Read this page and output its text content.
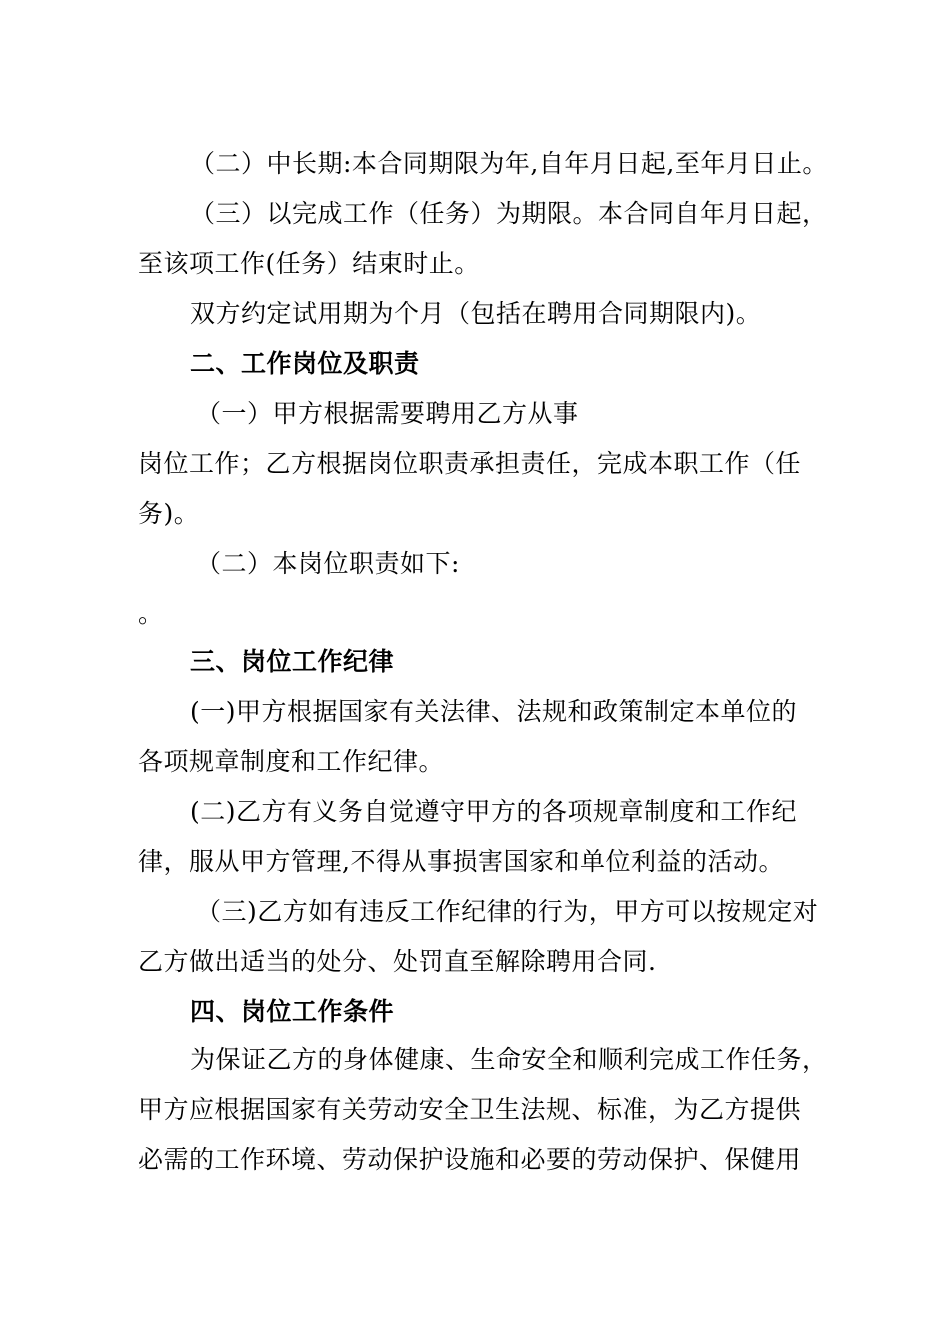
（二）中长期:本合同期限为年,自年月日起,至年月日止。
（三）以完成工作（任务）为期限。本合同自年月日起，
至该项工作(任务）结束时止。
双方约定试用期为个月（包括在聘用合同期限内)。
二、工作岗位及职责
（一）甲方根据需要聘用乙方从事
岗位工作；乙方根据岗位职责承担责任，完成本职工作（任
务)。
（二）本岗位职责如下:
。
三、岗位工作纪律
(一)甲方根据国家有关法律、法规和政策制定本单位的
各项规章制度和工作纪律。
(二)乙方有义务自觉遵守甲方的各项规章制度和工作纪
律，服从甲方管理,不得从事损害国家和单位利益的活动。
（三)乙方如有违反工作纪律的行为，甲方可以按规定对
乙方做出适当的处分、处罚直至解除聘用合同.
四、岗位工作条件
为保证乙方的身体健康、生命安全和顺利完成工作任务，
甲方应根据国家有关劳动安全卫生法规、标准，为乙方提供
必需的工作环境、劳动保护设施和必要的劳动保护、保健用
